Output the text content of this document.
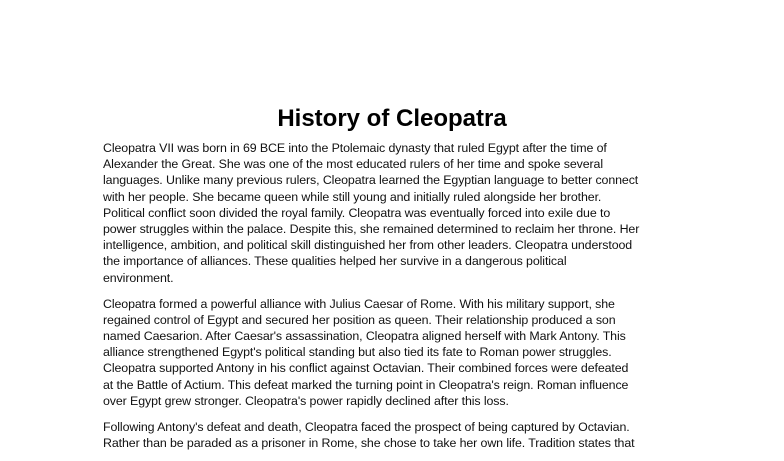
History of Cleopatra

Cleopatra VII was born in 69 BCE into the Ptolemaic dynasty that ruled Egypt after the time of
Alexander the Great. She was one of the most educated rulers of her time and spoke several
languages. Unlike many previous rulers, Cleopatra learned the Egyptian language to better connect
with her people. She became queen while still young and initially ruled alongside her brother.
Political conflict soon divided the royal family. Cleopatra was eventually forced into exile due to
power struggles within the palace. Despite this, she remained determined to reclaim her throne. Her
intelligence, ambition, and political skill distinguished her from other leaders. Cleopatra understood
the importance of alliances. These qualities helped her survive in a dangerous political
environment.

Cleopatra formed a powerful alliance with Julius Caesar of Rome. With his military support, she
regained control of Egypt and secured her position as queen. Their relationship produced a son
named Caesarion. After Caesar's assassination, Cleopatra aligned herself with Mark Antony. This
alliance strengthened Egypt's political standing but also tied its fate to Roman power struggles.
Cleopatra supported Antony in his conflict against Octavian. Their combined forces were defeated
at the Battle of Actium. This defeat marked the turning point in Cleopatra's reign. Roman influence
over Egypt grew stronger. Cleopatra's power rapidly declined after this loss.

Following Antony's defeat and death, Cleopatra faced the prospect of being captured by Octavian.
Rather than be paraded as a prisoner in Rome, she chose to take her own life. Tradition states that
